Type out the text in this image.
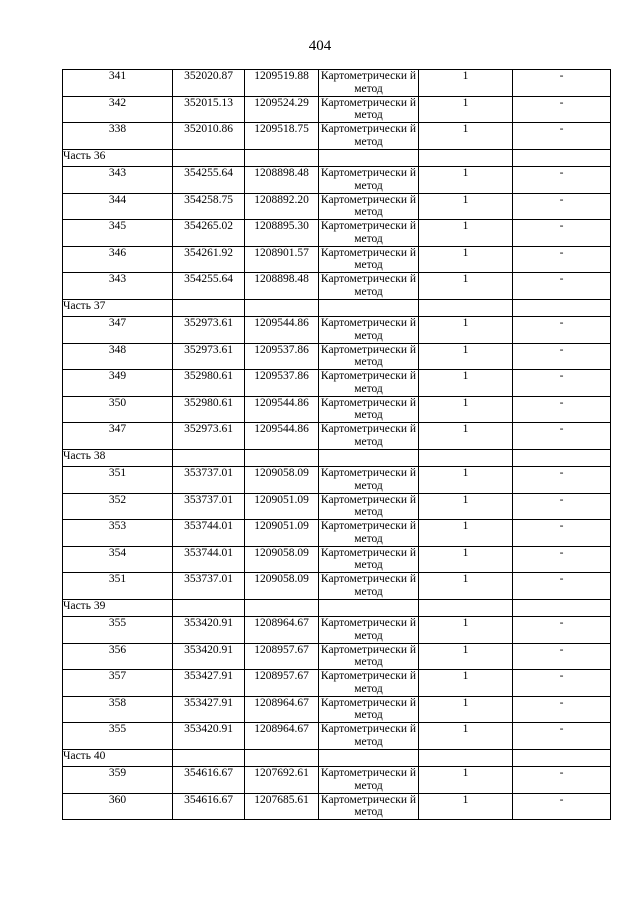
404
341	352020.87	1209519.88	Картометрически й метод	1	-
342	352015.13	1209524.29	Картометрически й метод	1	-
338	352010.86	1209518.75	Картометрически й метод	1	-
Часть 36					
343	354255.64	1208898.48	Картометрически й метод	1	-
344	354258.75	1208892.20	Картометрически й метод	1	-
345	354265.02	1208895.30	Картометрически й метод	1	-
346	354261.92	1208901.57	Картометрически й метод	1	-
343	354255.64	1208898.48	Картометрически й метод	1	-
Часть 37					
347	352973.61	1209544.86	Картометрически й метод	1	-
348	352973.61	1209537.86	Картометрически й метод	1	-
349	352980.61	1209537.86	Картометрически й метод	1	-
350	352980.61	1209544.86	Картометрически й метод	1	-
347	352973.61	1209544.86	Картометрически й метод	1	-
Часть 38					
351	353737.01	1209058.09	Картометрически й метод	1	-
352	353737.01	1209051.09	Картометрически й метод	1	-
353	353744.01	1209051.09	Картометрически й метод	1	-
354	353744.01	1209058.09	Картометрически й метод	1	-
351	353737.01	1209058.09	Картометрически й метод	1	-
Часть 39					
355	353420.91	1208964.67	Картометрически й метод	1	-
356	353420.91	1208957.67	Картометрически й метод	1	-
357	353427.91	1208957.67	Картометрически й метод	1	-
358	353427.91	1208964.67	Картометрически й метод	1	-
355	353420.91	1208964.67	Картометрически й метод	1	-
Часть 40					
359	354616.67	1207692.61	Картометрически й метод	1	-
360	354616.67	1207685.61	Картометрически й метод	1	-
